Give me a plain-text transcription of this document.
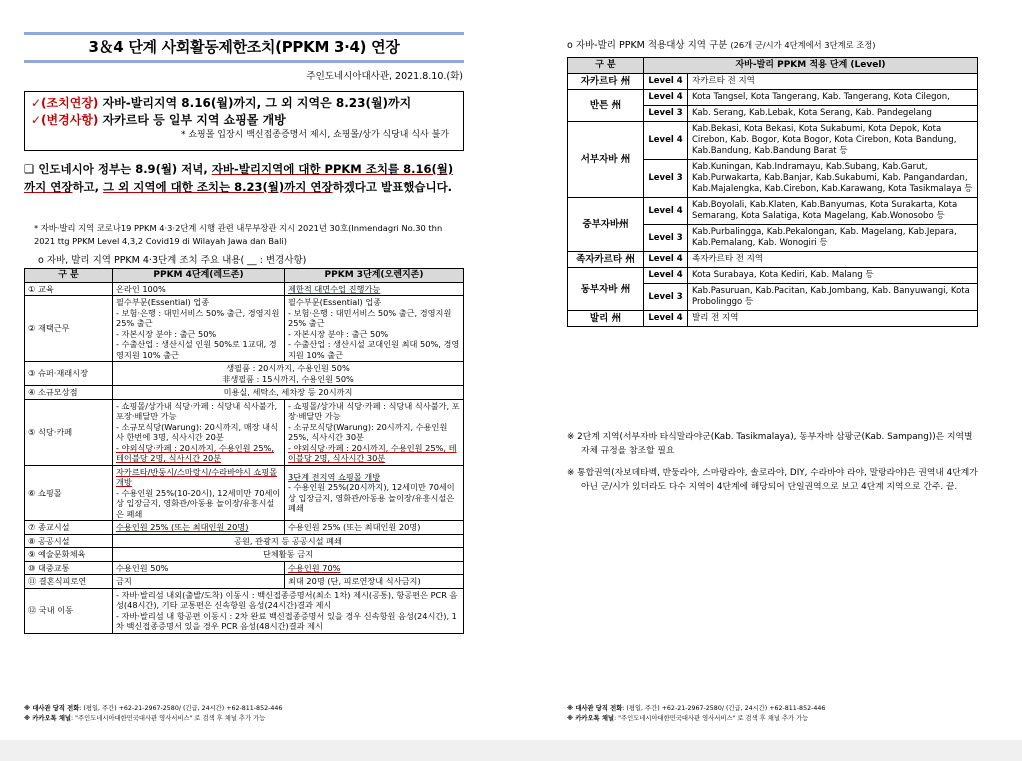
3＆4 단계 사회활동제한조치(PPKM 3·4) 연장
주인도네시아대사관, 2021.8.10.(화)
✓(조치연장) 자바-발리지역 8.16(월)까지, 그 외 지역은 8.23(월)까지
✓(변경사항) 자카르타 등 일부 지역 쇼핑몰 개방
* 쇼핑몰 입장시 백신접종증명서 제시, 쇼핑몰/상가 식당내 식사 불가
❑ 인도네시아 정부는 8.9(월) 저녁, 자바-발리지역에 대한 PPKM 조치를 8.16(월)까지 연장하고, 그 외 지역에 대한 조치는 8.23(월)까지 연장하겠다고 발표했습니다.
* 자바·발리 지역 코로나19 PPKM 4·3·2단계 시행 관련 내무부장관 지시 2021년 30호(Inmendagri No.30 thn 2021 ttg PPKM Level 4,3,2 Covid19 di Wilayah Jawa dan Bali)
o 자바, 발리 지역 PPKM 4·3단계 조치 주요 내용( __ : 변경사항)
구 분	PPKM 4단계(레드존)	PPKM 3단계(오렌지존)
① 교육	온라인 100%	제한적 대면수업 진행가능

② 재택근무	필수부문(Essential) 업종
- 보험·은행 : 대민서비스 50% 출근, 경영지원 25% 출근
- 자본시장 분야 : 출근 50%
- 수출산업 : 생산시설 인원 50%로 1교대, 경영지원 10% 출근	필수부문(Essential) 업종
- 보험·은행 : 대민서비스 50% 출근, 경영지원 25% 출근
- 자본시장 분야 : 출근 50%
- 수출산업 : 생산시설 교대인원 최대 50%, 경영지원 10% 출근

③ 슈퍼·재래시장	생필품 : 20시까지, 수용인원 50%
非생필품 : 15시까지, 수용인원 50%	

④ 소규모상점	미용실, 세탁소, 세차장 등 20시까지	

⑤ 식당·카페	- 쇼핑몰/상가내 식당·카페 : 식당내 식사불가, 포장·배달만 가능
- 소규모식당(Warung): 20시까지, 매장 내식사 한번에 3명, 식사시간 20분
- 야외식당·카페 : 20시까지, 수용인원 25%, 테이블당 2명, 식사시간 20분	- 쇼핑몰/상가내 식당·카페 : 식당내 식사불가, 포장·배달만 가능
- 소규모식당(Warung): 20시까지, 수용인원 25%, 식사시간 30분
- 야외식당·카페 : 20시까지, 수용인원 25%, 테이블당 2명, 식사시간 30분

⑥ 쇼핑몰	자카르타/반둥시/스마랑시/수라바야시 쇼핑몰 개방
- 수용인원 25%(10-20시), 12세미만 70세이상 입장금지, 영화관/아동용 놀이장/유흥시설은 폐쇄	3단계 전지역 쇼핑몰 개방
- 수용인원 25%(20시까지), 12세미만 70세이상 입장금지, 영화관/아동용 놀이장/유흥시설은 폐쇄

⑦ 종교시설	수용인원 25% (또는 최대인원 20명)	수용인원 25% (또는 최대인원 20명)

⑧ 공공시설	공원, 관광지 등 공공시설 폐쇄	

⑨ 예술문화체육	단체활동 금지	

⑩ 대중교통	수용인원 50%	수용인원 70%

⑪ 결혼식피로연	금지	최대 20명 (단, 피로연장내 식사금지)

⑫ 국내 이동	- 자바·발리섬 내외(출발/도착) 이동시 : 백신접종증명서(최소 1차) 제시(공통), 항공편은 PCR 음성(48시간), 기타 교통편은 신속항원 음성(24시간)결과 제시
- 자바·발리섬 내 항공편 이동시 : 2차 완료 백신접종증명서 있을 경우 신속항원 음성(24시간), 1차 백신접종증명서 있을 경우 PCR 음성(48시간)결과 제시	
※ 대사관 당직 전화: (평일, 주간) +62-21-2967-2580/ (긴급, 24시간) +62-811-852-446
※ 카카오톡 채널: "주인도네시아대한민국대사관 영사서비스" 로 검색 후 채널 추가 가능
※ 대사관 당직 전화: (평일, 주간) +62-21-2967-2580/ (긴급, 24시간) +62-811-852-446
※ 카카오톡 채널: "주인도네시아대한민국대사관 영사서비스" 로 검색 후 채널 추가 가능
o 자바-발리 PPKM 적용대상 지역 구분 (26개 군/시가 4단계에서 3단계로 조정)
구 분	자바-발리 PPKM 적용 단계 (Level)	
자카르타 州	Level 4	자카르타 전 지역
반튼 州	Level 4	Kota Tangsel, Kota Tangerang, Kab. Tangerang, Kota Cilegon,
	Level 3	Kab. Serang, Kab.Lebak, Kota Serang, Kab. Pandegelang
서부자바 州	Level 4	Kab.Bekasi, Kota Bekasi, Kota Sukabumi, Kota Depok, Kota Cirebon, Kab. Bogor, Kota Bogor, Kota Cirebon, Kota Bandung, Kab.Bandung, Kab.Bandung Barat 등
	Level 3	Kab.Kuningan, Kab.Indramayu, Kab.Subang, Kab.Garut, Kab.Purwakarta, Kab.Banjar, Kab.Sukabumi, Kab. Pangandardan, Kab.Majalengka, Kab.Cirebon, Kab.Karawang, Kota Tasikmalaya 등
중부자바州	Level 4	Kab.Boyolali, Kab.Klaten, Kab.Banyumas, Kota Surakarta, Kota Semarang, Kota Salatiga, Kota Magelang, Kab.Wonosobo 등
	Level 3	Kab.Purbalingga, Kab.Pekalongan, Kab. Magelang, Kab.Jepara, Kab.Pemalang, Kab. Wonogiri 등
족자카르타 州	Level 4	족자카르타 전 지역
동부자바 州	Level 4	Kota Surabaya, Kota Kediri, Kab. Malang 등
	Level 3	Kab.Pasuruan, Kab.Pacitan, Kab.Jombang, Kab. Banyuwangi, Kota Probolinggo 등
발리 州	Level 4	발리 전 지역
※ 2단계 지역(서부자바 타식말라야군(Kab. Tasikmalaya), 동부자바 삼팡군(Kab. Sampang))은 지역별 자체 규정을 참조할 필요
※ 통합권역(자보데타벡, 반둥라야, 스마랑라야, 솔로라야, DIY, 수라바야 라야, 말랑라야)은 권역내 4단계가 아닌 군/시가 있더라도 다수 지역이 4단계에 해당되어 단일권역으로 보고 4단계 지역으로 간주. 끝.
